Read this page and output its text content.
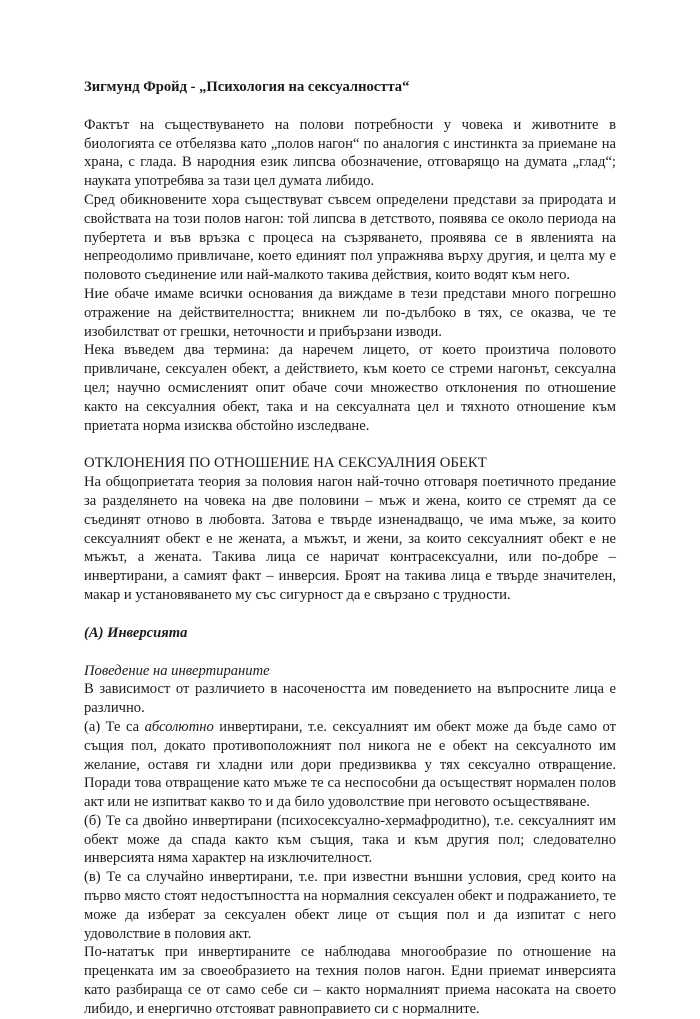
Зигмунд Фройд - „Психология на сексуалността“

Фактът на съществуването на полови потребности у човека и животните в биологията се отбелязва като „полов нагон“ по аналогия с инстинкта за приемане на храна, с глада. В народния език липсва обозначение, отговарящо на думата „глад“; науката употребява за тази цел думата либидо.

Сред обикновените хора съществуват съвсем определени представи за природата и свойствата на този полов нагон: той липсва в детството, появява се около периода на пубертета и във връзка с процеса на съзряването, проявява се в явленията на непреодолимо привличане, което единият пол упражнява върху другия, и целта му е половото съединение или най-малкото такива действия, които водят към него.

Ние обаче имаме всички основания да виждаме в тези представи много погрешно отражение на действителността; вникнем ли по-дълбоко в тях, се оказва, че те изобилстват от грешки, неточности и прибързани изводи.

Нека въведем два термина: да наречем лицето, от което произтича половото привличане, сексуален обект, а действието, към което се стреми нагонът, сексуална цел; научно осмисленият опит обаче сочи множество отклонения по отношение както на сексуалния обект, така и на сексуалната цел и тяхното отношение към приетата норма изисква обстойно изследване.

ОТКЛОНЕНИЯ ПО ОТНОШЕНИЕ НА СЕКСУАЛНИЯ ОБЕКТ

На общоприетата теория за половия нагон най-точно отговаря поетичното предание за разделянето на човека на две половини – мъж и жена, които се стремят да се съединят отново в любовта. Затова е твърде изненадващо, че има мъже, за които сексуалният обект е не жената, а мъжът, и жени, за които сексуалният обект е не мъжът, а жената. Такива лица се наричат контрасексуални, или по-добре – инвертирани, а самият факт – инверсия. Броят на такива лица е твърде значителен, макар и установяването му със сигурност да е свързано с трудности.

(A) Инверсията

Поведение на инвертираните

В зависимост от различието в насочеността им поведението на въпросните лица е различно.

(а) Те са абсолютно инвертирани, т.е. сексуалният им обект може да бъде само от същия пол, докато противоположният пол никога не е обект на сексуалното им желание, оставя ги хладни или дори предизвиква у тях сексуално отвращение. Поради това отвращение като мъже те са неспособни да осъществят нормален полов акт или не изпитват какво то и да било удоволствие при неговото осъществяване.

(б) Те са двойно инвертирани (психосексуално-хермафродитно), т.е. сексуалният им обект може да спада както към същия, така и към другия пол; следователно инверсията няма характер на изключителност.

(в) Те са случайно инвертирани, т.е. при известни външни условия, сред които на първо място стоят недостъпността на нормалния сексуален обект и подражанието, те може да изберат за сексуален обект лице от същия пол и да изпитат с него удоволствие в половия акт.

По-нататък при инвертираните се наблюдава многообразие по отношение на преценката им за своеобразието на техния полов нагон. Едни приемат инверсията като разбираща се от само себе си – както нормалният приема насоката на своето либидо, и енергично отстояват равноправието си с нормалните.
